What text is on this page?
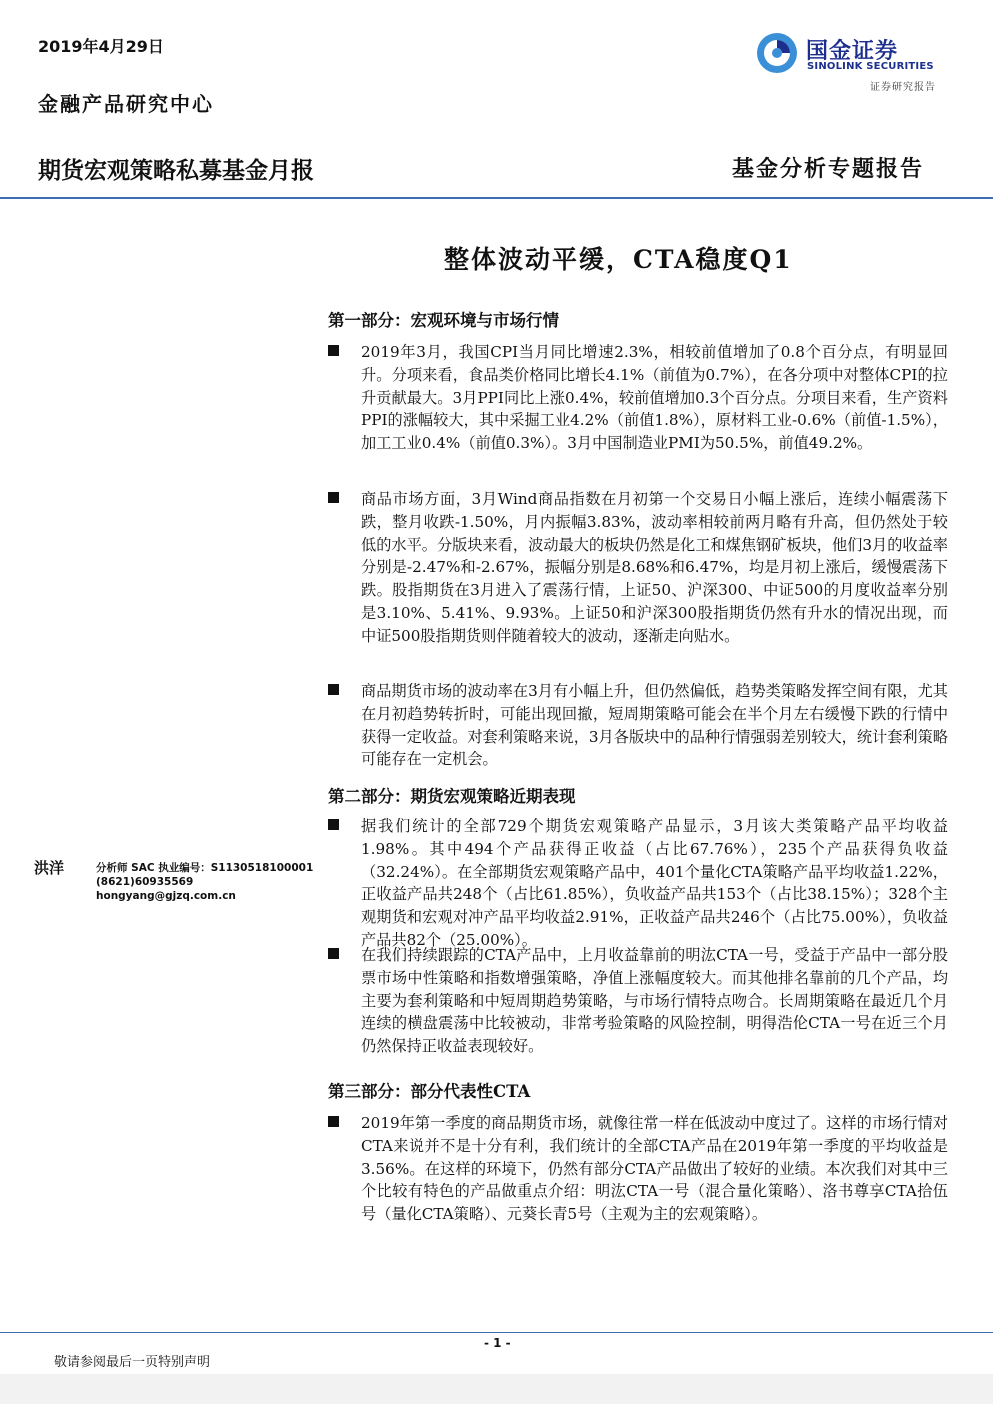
2019年4月29日
金融产品研究中心
国金证券
SINOLINK SECURITIES
证券研究报告
期货宏观策略私募基金月报	基金分析专题报告
整体波动平缓，CTA稳度Q1
第一部分：宏观环境与市场行情
2019年3月，我国CPI当月同比增速2.3%，相较前值增加了0.8个百分点，有明显回升。分项来看，食品类价格同比增长4.1%（前值为0.7%），在各分项中对整体CPI的拉升贡献最大。3月PPI同比上涨0.4%，较前值增加0.3个百分点。分项目来看，生产资料PPI的涨幅较大，其中采掘工业4.2%（前值1.8%），原材料工业-0.6%（前值-1.5%），加工工业0.4%（前值0.3%）。3月中国制造业PMI为50.5%，前值49.2%。
商品市场方面，3月Wind商品指数在月初第一个交易日小幅上涨后，连续小幅震荡下跌，整月收跌-1.50%，月内振幅3.83%，波动率相较前两月略有升高，但仍然处于较低的水平。分版块来看，波动最大的板块仍然是化工和煤焦钢矿板块，他们3月的收益率分别是-2.47%和-2.67%，振幅分别是8.68%和6.47%，均是月初上涨后，缓慢震荡下跌。股指期货在3月进入了震荡行情，上证50、沪深300、中证500的月度收益率分别是3.10%、5.41%、9.93%。上证50和沪深300股指期货仍然有升水的情况出现，而中证500股指期货则伴随着较大的波动，逐渐走向贴水。
商品期货市场的波动率在3月有小幅上升，但仍然偏低，趋势类策略发挥空间有限，尤其在月初趋势转折时，可能出现回撤，短周期策略可能会在半个月左右缓慢下跌的行情中获得一定收益。对套利策略来说，3月各版块中的品种行情强弱差别较大，统计套利策略可能存在一定机会。
第二部分：期货宏观策略近期表现
据我们统计的全部729个期货宏观策略产品显示，3月该大类策略产品平均收益1.98%。其中494个产品获得正收益（占比67.76%），235个产品获得负收益（32.24%）。在全部期货宏观策略产品中，401个量化CTA策略产品平均收益1.22%，正收益产品共248个（占比61.85%），负收益产品共153个（占比38.15%）；328个主观期货和宏观对冲产品平均收益2.91%，正收益产品共246个（占比75.00%），负收益产品共82个（25.00%）。
在我们持续跟踪的CTA产品中，上月收益靠前的明汯CTA一号，受益于产品中一部分股票市场中性策略和指数增强策略，净值上涨幅度较大。而其他排名靠前的几个产品，均主要为套利策略和中短周期趋势策略，与市场行情特点吻合。长周期策略在最近几个月连续的横盘震荡中比较被动，非常考验策略的风险控制，明得浩伦CTA一号在近三个月仍然保持正收益表现较好。
第三部分：部分代表性CTA
2019年第一季度的商品期货市场，就像往常一样在低波动中度过了。这样的市场行情对CTA来说并不是十分有利，我们统计的全部CTA产品在2019年第一季度的平均收益是3.56%。在这样的环境下，仍然有部分CTA产品做出了较好的业绩。本次我们对其中三个比较有特色的产品做重点介绍：明汯CTA一号（混合量化策略）、洛书尊享CTA拾伍号（量化CTA策略）、元葵长青5号（主观为主的宏观策略）。
洪洋	分析师 SAC 执业编号：S1130518100001
(8621)60935569
hongyang@gjzq.com.cn
- 1 -
敬请参阅最后一页特别声明
